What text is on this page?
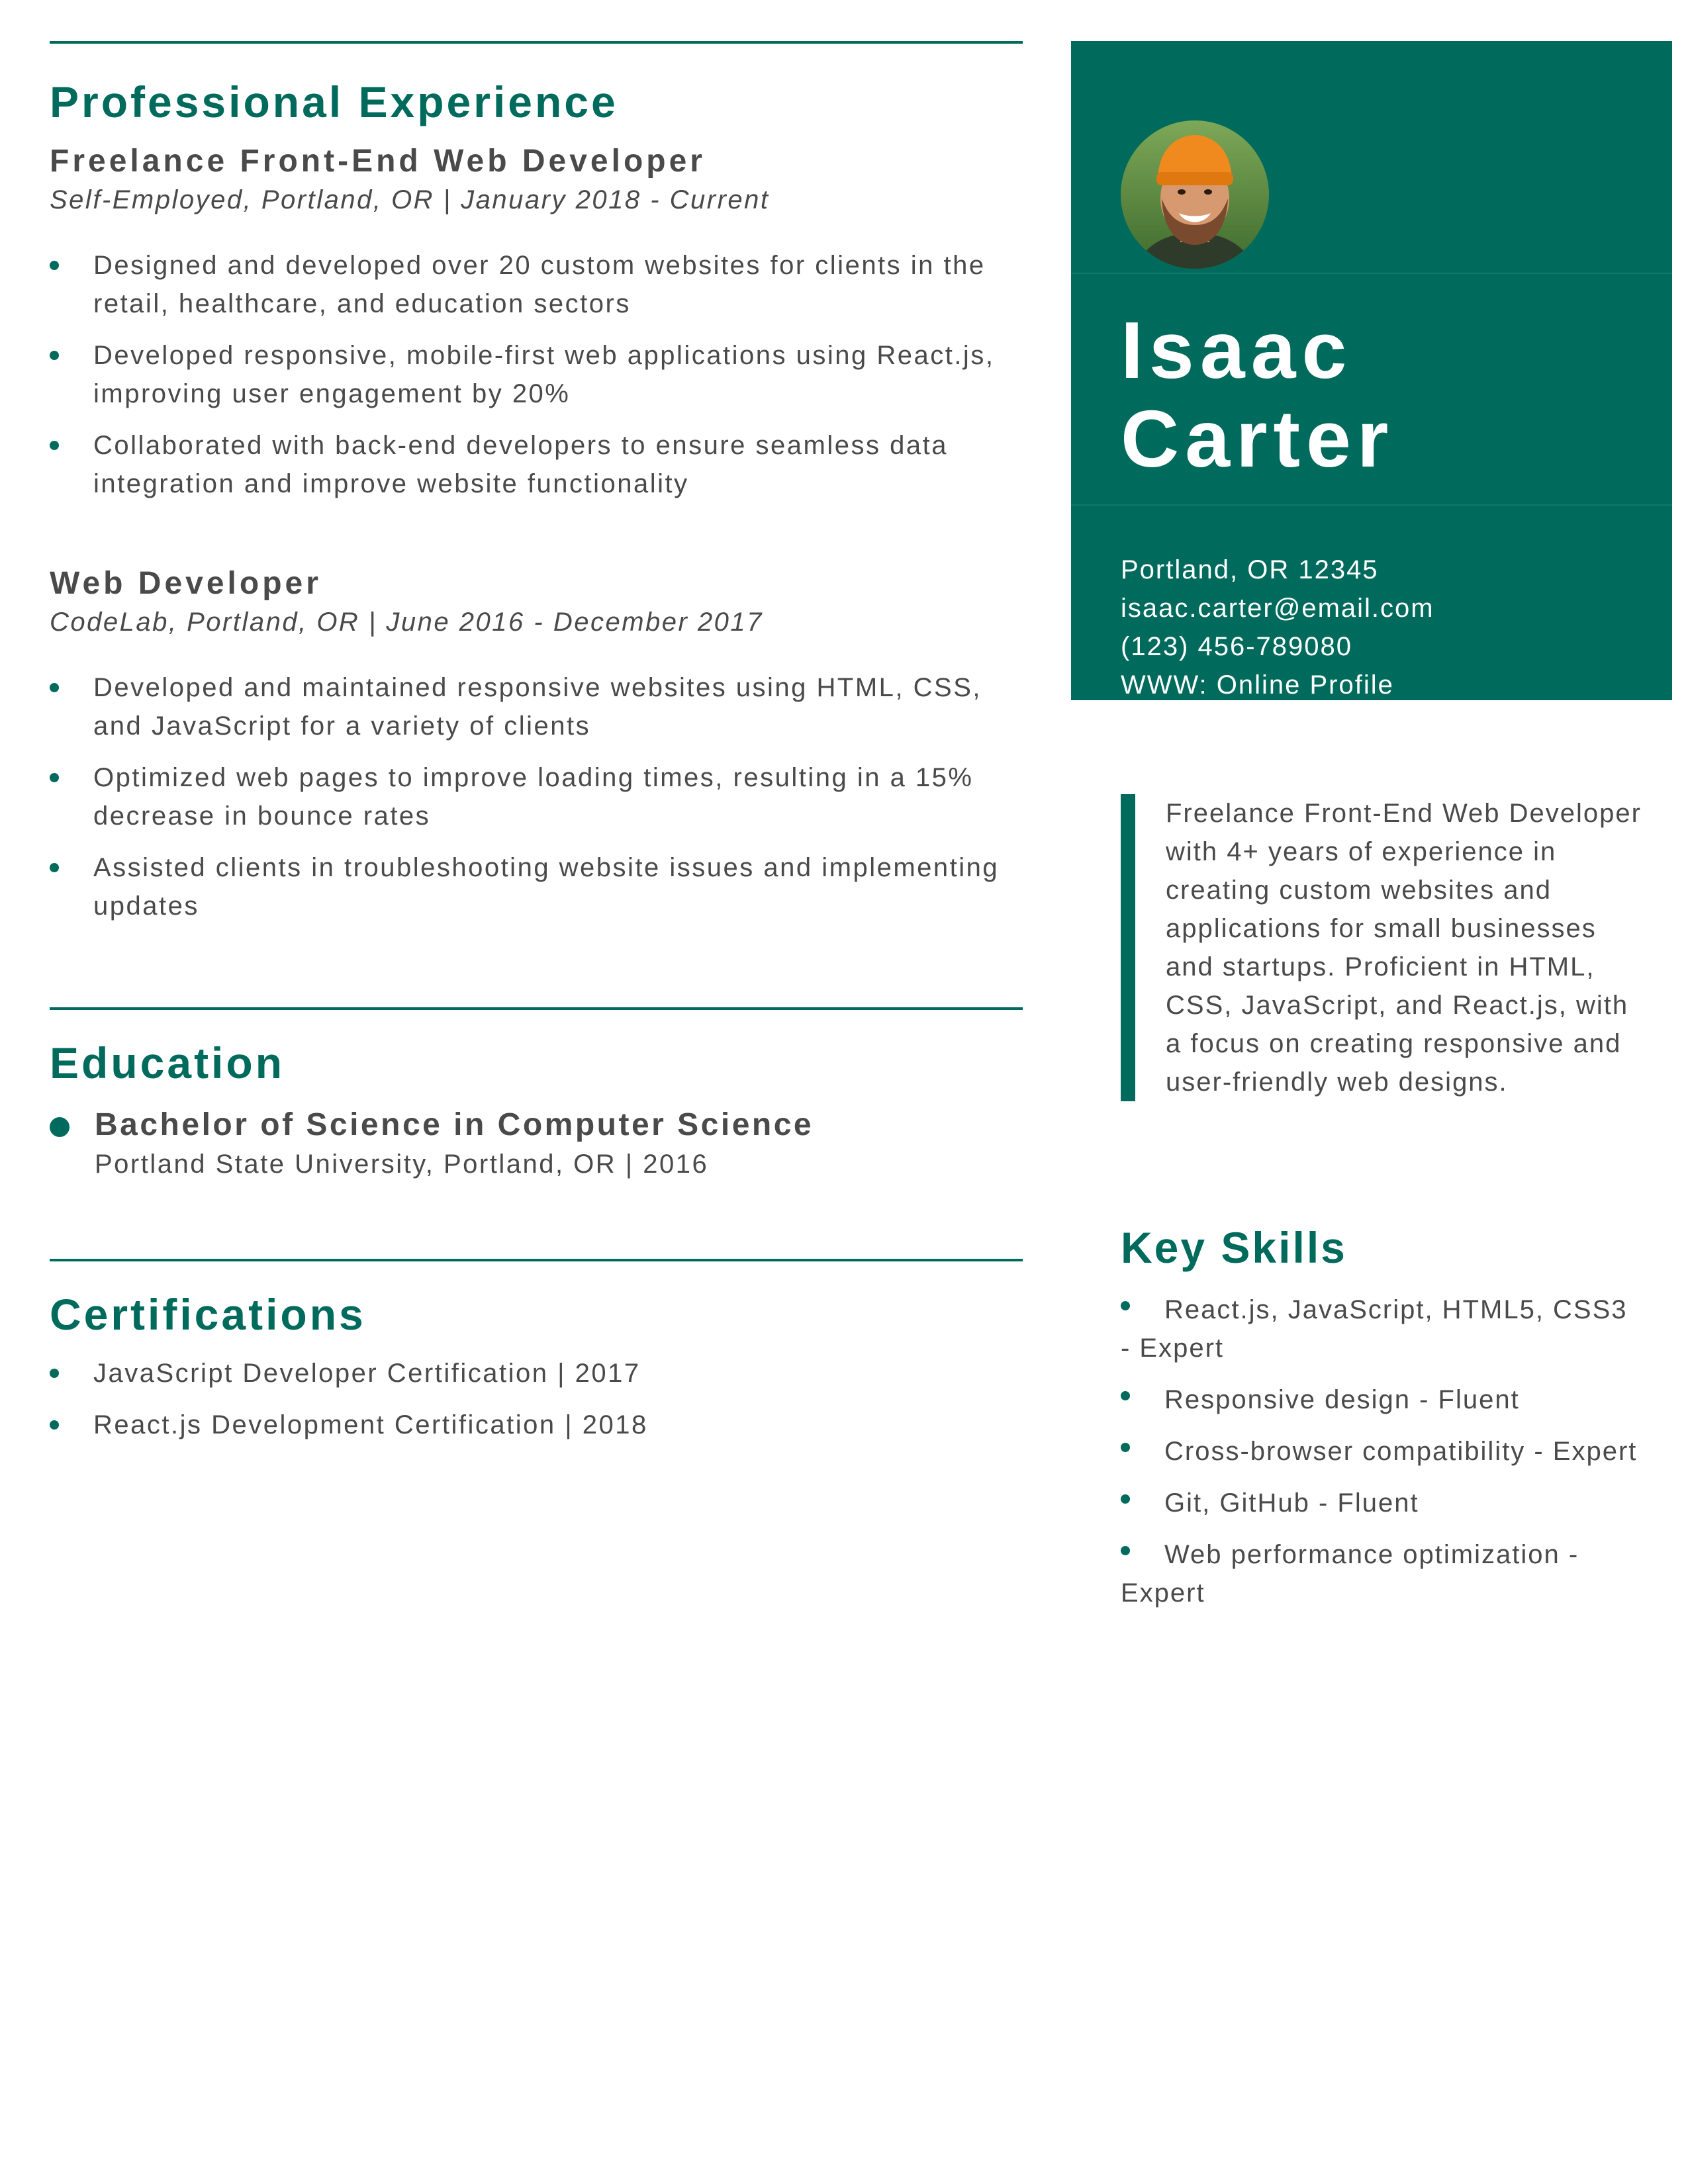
Professional Experience
Freelance Front-End Web Developer
Self-Employed, Portland, OR | January 2018 - Current
Designed and developed over 20 custom websites for clients in the retail, healthcare, and education sectors
Developed responsive, mobile-first web applications using React.js, improving user engagement by 20%
Collaborated with back-end developers to ensure seamless data integration and improve website functionality
Web Developer
CodeLab, Portland, OR | June 2016 - December 2017
Developed and maintained responsive websites using HTML, CSS, and JavaScript for a variety of clients
Optimized web pages to improve loading times, resulting in a 15% decrease in bounce rates
Assisted clients in troubleshooting website issues and implementing updates
Education
Bachelor of Science in Computer Science
Portland State University, Portland, OR | 2016
Certifications
JavaScript Developer Certification | 2017
React.js Development Certification | 2018
Isaac
Carter
Portland, OR 12345
isaac.carter@email.com
(123) 456-789080
WWW: Online Profile
Freelance Front-End Web Developer with 4+ years of experience in creating custom websites and applications for small businesses and startups. Proficient in HTML, CSS, JavaScript, and React.js, with a focus on creating responsive and user-friendly web designs.
Key Skills
React.js, JavaScript, HTML5, CSS3 - Expert
Responsive design - Fluent
Cross-browser compatibility - Expert
Git, GitHub - Fluent
Web performance optimization - Expert
